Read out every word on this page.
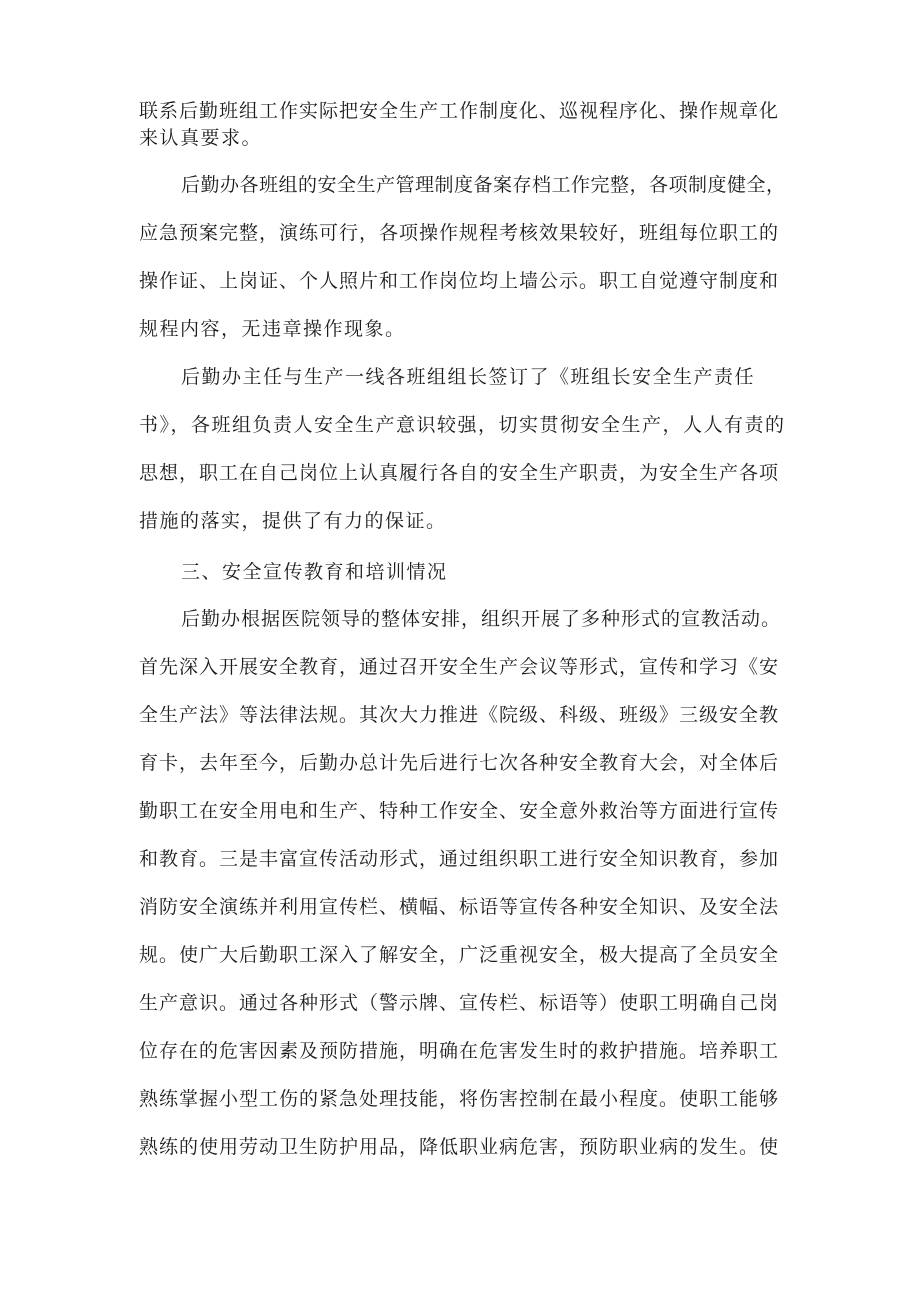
联系后勤班组工作实际把安全生产工作制度化、巡视程序化、操作规章化
来认真要求。
后勤办各班组的安全生产管理制度备案存档工作完整，各项制度健全，
应急预案完整，演练可行，各项操作规程考核效果较好，班组每位职工的
操作证、上岗证、个人照片和工作岗位均上墙公示。职工自觉遵守制度和
规程内容，无违章操作现象。
后勤办主任与生产一线各班组组长签订了《班组长安全生产责任
书》，各班组负责人安全生产意识较强，切实贯彻安全生产，人人有责的
思想，职工在自己岗位上认真履行各自的安全生产职责，为安全生产各项
措施的落实，提供了有力的保证。
三、安全宣传教育和培训情况
后勤办根据医院领导的整体安排，组织开展了多种形式的宣教活动。
首先深入开展安全教育，通过召开安全生产会议等形式，宣传和学习《安
全生产法》等法律法规。其次大力推进《院级、科级、班级》三级安全教
育卡，去年至今，后勤办总计先后进行七次各种安全教育大会，对全体后
勤职工在安全用电和生产、特种工作安全、安全意外救治等方面进行宣传
和教育。三是丰富宣传活动形式，通过组织职工进行安全知识教育，参加
消防安全演练并利用宣传栏、横幅、标语等宣传各种安全知识、及安全法
规。使广大后勤职工深入了解安全，广泛重视安全，极大提高了全员安全
生产意识。通过各种形式（警示牌、宣传栏、标语等）使职工明确自己岗
位存在的危害因素及预防措施，明确在危害发生时的救护措施。培养职工
熟练掌握小型工伤的紧急处理技能，将伤害控制在最小程度。使职工能够
熟练的使用劳动卫生防护用品，降低职业病危害，预防职业病的发生。使
